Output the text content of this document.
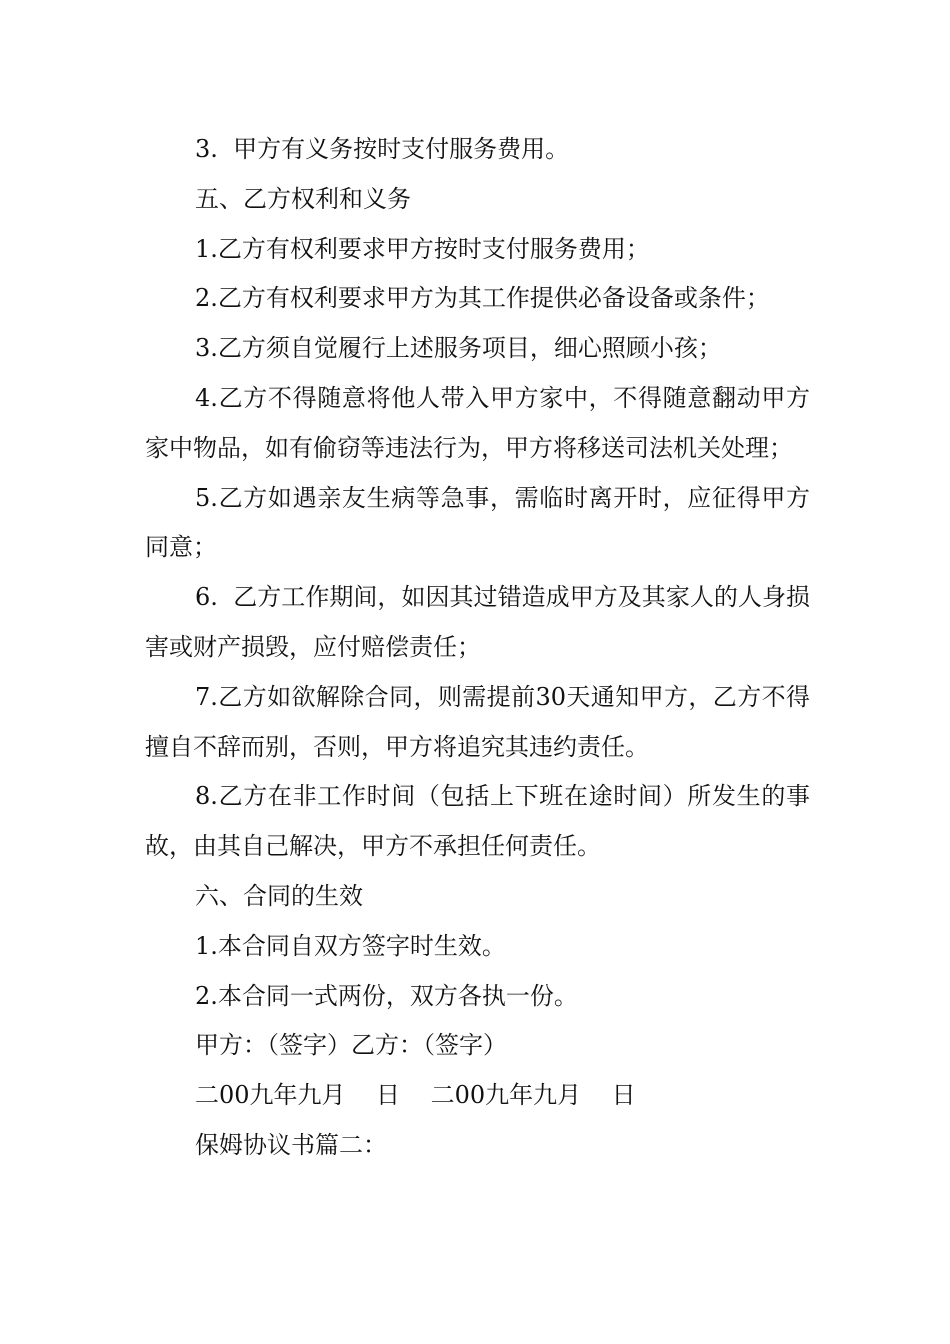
3.  甲方有义务按时支付服务费用。

五、乙方权利和义务

1.乙方有权利要求甲方按时支付服务费用；

2.乙方有权利要求甲方为其工作提供必备设备或条件；

3.乙方须自觉履行上述服务项目，细心照顾小孩；

4.乙方不得随意将他人带入甲方家中，不得随意翻动甲方家中物品，如有偷窃等违法行为，甲方将移送司法机关处理；

5.乙方如遇亲友生病等急事，需临时离开时，应征得甲方同意；

6.  乙方工作期间，如因其过错造成甲方及其家人的人身损害或财产损毁，应付赔偿责任；

7.乙方如欲解除合同，则需提前30天通知甲方，乙方不得擅自不辞而别，否则，甲方将追究其违约责任。

8.乙方在非工作时间（包括上下班在途时间）所发生的事故，由其自己解决，甲方不承担任何责任。

六、合同的生效

1.本合同自双方签字时生效。

2.本合同一式两份，双方各执一份。

甲方：（签字）乙方：（签字）

二00九年九月    日    二00九年九月    日

保姆协议书篇二：
